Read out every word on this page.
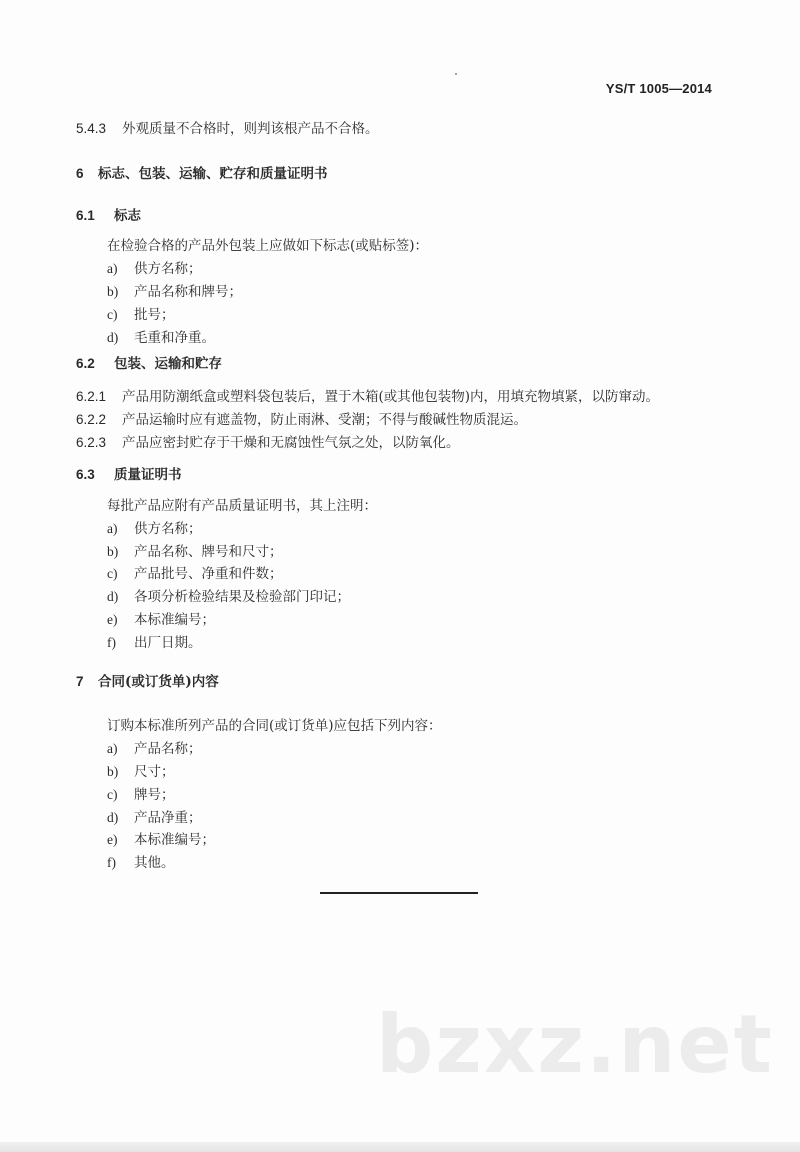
YS/T 1005—2014
5.4.3 外观质量不合格时，则判该根产品不合格。
6 标志、包装、运输、贮存和质量证明书
6.1 标志
在检验合格的产品外包装上应做如下标志(或贴标签)：
a) 供方名称；
b) 产品名称和牌号；
c) 批号；
d) 毛重和净重。
6.2 包装、运输和贮存
6.2.1 产品用防潮纸盒或塑料袋包装后，置于木箱(或其他包装物)内，用填充物填紧，以防窜动。
6.2.2 产品运输时应有遮盖物，防止雨淋、受潮；不得与酸碱性物质混运。
6.2.3 产品应密封贮存于干燥和无腐蚀性气氛之处，以防氧化。
6.3 质量证明书
每批产品应附有产品质量证明书，其上注明：
a) 供方名称；
b) 产品名称、牌号和尺寸；
c) 产品批号、净重和件数；
d) 各项分析检验结果及检验部门印记；
e) 本标准编号；
f) 出厂日期。
7 合同(或订货单)内容
订购本标准所列产品的合同(或订货单)应包括下列内容：
a) 产品名称；
b) 尺寸；
c) 牌号；
d) 产品净重；
e) 本标准编号；
f) 其他。
bzxz.net
